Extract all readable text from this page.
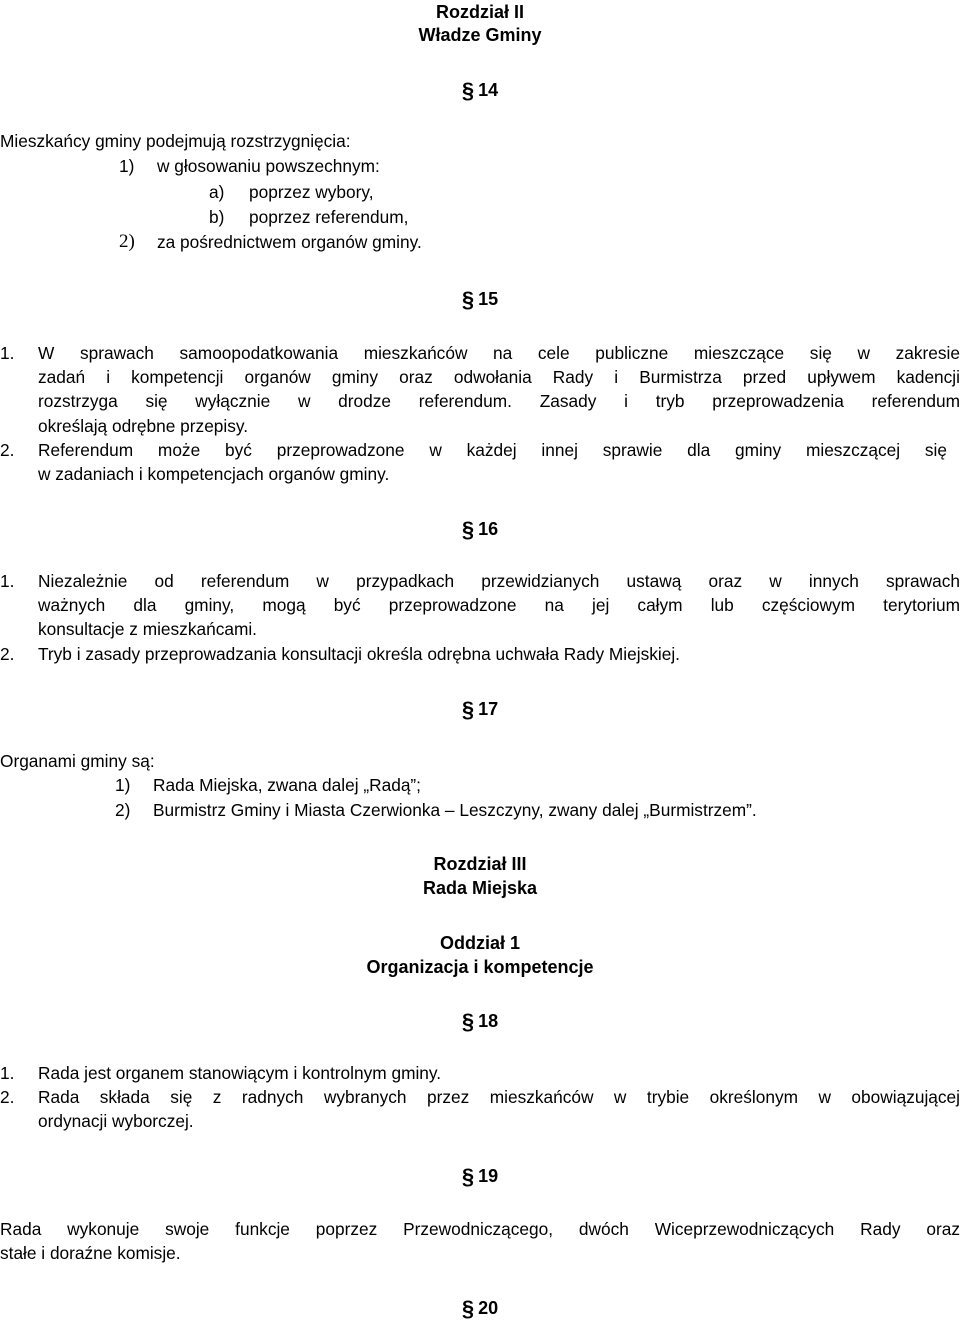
Rozdział II
Władze Gminy
§ 14
Mieszkańcy gminy podejmują rozstrzygnięcia:
1) w głosowaniu powszechnym:
a) poprzez wybory,
b) poprzez referendum,
2) za pośrednictwem organów gminy.
§ 15
1. W sprawach samoopodatkowania mieszkańców na cele publiczne mieszczące się w zakresie
zadań i kompetencji organów gminy oraz odwołania Rady i Burmistrza przed upływem kadencji
rozstrzyga się wyłącznie w drodze referendum. Zasady i tryb przeprowadzenia referendum
określają odrębne przepisy.
2. Referendum może być przeprowadzone w każdej innej sprawie dla gminy mieszczącej się
w zadaniach i kompetencjach organów gminy.
§ 16
1. Niezależnie od referendum w przypadkach przewidzianych ustawą oraz w innych sprawach
ważnych dla gminy, mogą być przeprowadzone na jej całym lub częściowym terytorium
konsultacje z mieszkańcami.
2. Tryb i zasady przeprowadzania konsultacji określa odrębna uchwała Rady Miejskiej.
§ 17
Organami gminy są:
1) Rada Miejska, zwana dalej „Radą”;
2) Burmistrz Gminy i Miasta Czerwionka – Leszczyny, zwany dalej „Burmistrzem”.
Rozdział III
Rada Miejska
Oddział 1
Organizacja i kompetencje
§ 18
1. Rada jest organem stanowiącym i kontrolnym gminy.
2. Rada składa się z radnych wybranych przez mieszkańców w trybie określonym w obowiązującej
ordynacji wyborczej.
§ 19
Rada wykonuje swoje funkcje poprzez Przewodniczącego, dwóch Wiceprzewodniczących Rady oraz
stałe i doraźne komisje.
§ 20
